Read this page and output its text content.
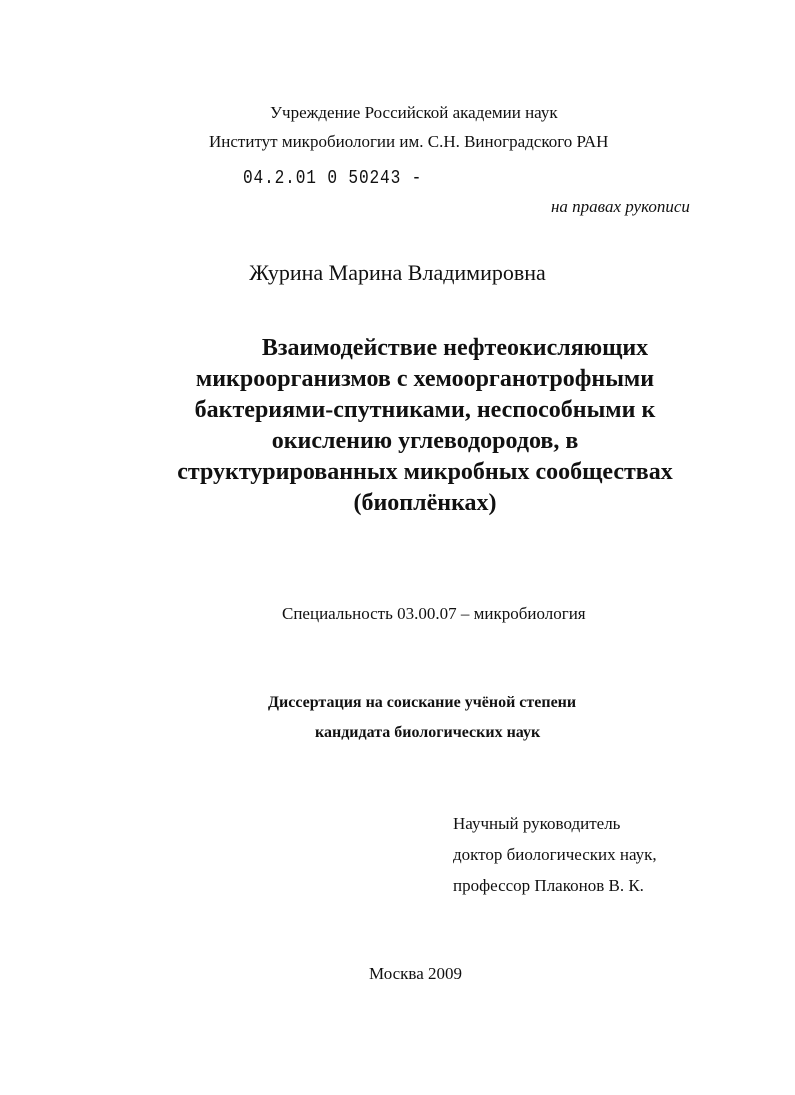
Учреждение Российской академии наук
Институт микробиологии им. С.Н. Виноградского РАН
04.2.01 0 50243 -
на правах рукописи
Журина Марина Владимировна
Взаимодействие нефтеокисляющих
микроорганизмов с хемоорганотрофными
бактериями-спутниками, неспособными к
окислению углеводородов, в
структурированных микробных сообществах
(биоплёнках)
Специальность 03.00.07 – микробиология
Диссертация на соискание учёной степени
кандидата биологических наук
Научный руководитель
доктор биологических наук,
профессор Плаконов В. К.
Москва 2009
